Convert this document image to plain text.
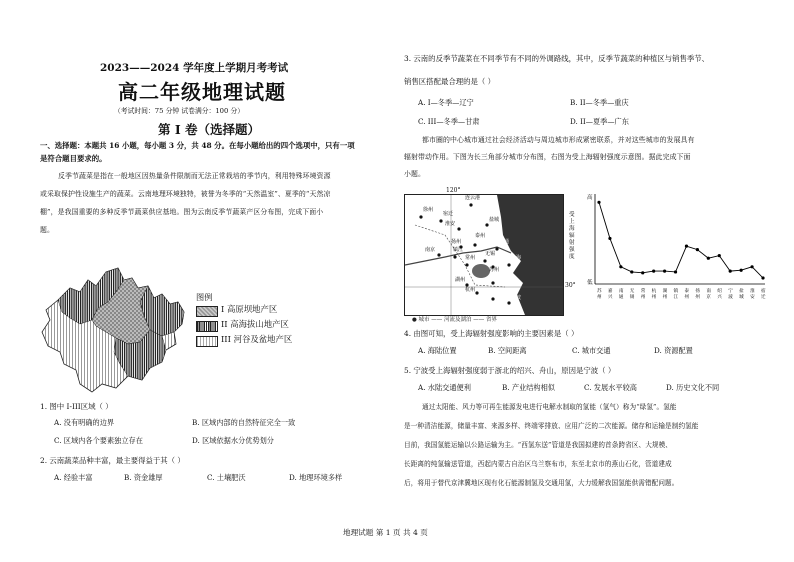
2023——2024 学年度上学期月考考试
高二年级地理试题
（考试时间：75 分钟 试卷满分：100 分）
第 I 卷（选择题）
一、选择题：本题共 16 小题，每小题 3 分，共 48 分。在每小题给出的四个选项中，只有一项
是符合题目要求的。
反季节蔬菜是指在一般地区因热量条件限制而无法正常栽培的季节内，利用特殊环境资源
或采取保护性设施生产的蔬菜。云南地理环境独特，被誉为冬季的“天然温室”、夏季的“天然凉
棚”，是我国重要的多种反季节蔬菜供应基地。图为云南反季节蔬菜产区分布图，完成下面小
题。
图例
I 高原坝地产区
II 高海拔山地产区
III 河谷及盆地产区
1. 图中 I-III区域（ ）
A. 没有明确的边界	B. 区域内部的自然特征完全一致
C. 区域内各个要素独立存在	D. 区域依据水分优势划分
2. 云南蔬菜品种丰富，最主要得益于其（ ）
A. 经验丰富	B. 资金雄厚	C. 土壤肥沃	D. 地理环境多样
3. 云南的反季节蔬菜在不同季节有不同的外调路线，其中，反季节蔬菜的种植区与销售季节、
销售区搭配最合理的是（ ）
A. I—冬季—辽宁	B. II—冬季—重庆
C. III—冬季—甘肃	D. II—夏季—广东
都市圈的中心城市通过社会经济活动与周边城市形成紧密联系，并对这些城市的发展具有
辐射带动作用。下图为长三角部分城市分布图，右图为受上海辐射强度示意图。据此完成下面
小题。
徐州
连云港
宿迁
盐城
淮安
扬州
泰州
南通
南京	镇江
常州
无锡
苏州
上海
湖州
嘉兴
杭州
绍兴
宁波
120°
30°
● 城市 —— 河流及湖泊 —— 省界
受
上
海
辐
射
强
度
高
低
苏
州
嘉
兴
南
通
无
锡
常
州
杭
州
湖
州
镇
江
泰
州
扬
州
南
京
绍
兴
宁
波
盐
城
淮
安
宿
迁
4. 由图可知，受上海辐射强度影响的主要因素是（ ）
A. 海陆位置	B. 空间距离	C. 城市交通	D. 资源配置
5. 宁波受上海辐射强度弱于浙北的绍兴、舟山，原因是宁波（ ）
A. 水陆交通便利	B. 产业结构相似	C. 发展水平较高	D. 历史文化不同
通过太阳能、风力等可再生能源发电进行电解水制取的氢能（氢气）称为“绿氢”。氢能
是一种清洁能源，储量丰富、来源多样、终端零排放、应用广泛的二次能源。储存和运输是制约氢能
目前，我国氢能运输以公路运输为主。“西氢东送”管道是我国拟建的首条跨省区、大规模、
长距离的纯氢输送管道，西起内蒙古自治区乌兰察布市，东至北京市的燕山石化，管道建成
后，将用于替代京津冀地区现有化石能源制氢及交通用氢，大力缓解我国氢能供需错配问题。
地理试题 第 1 页 共 4 页
